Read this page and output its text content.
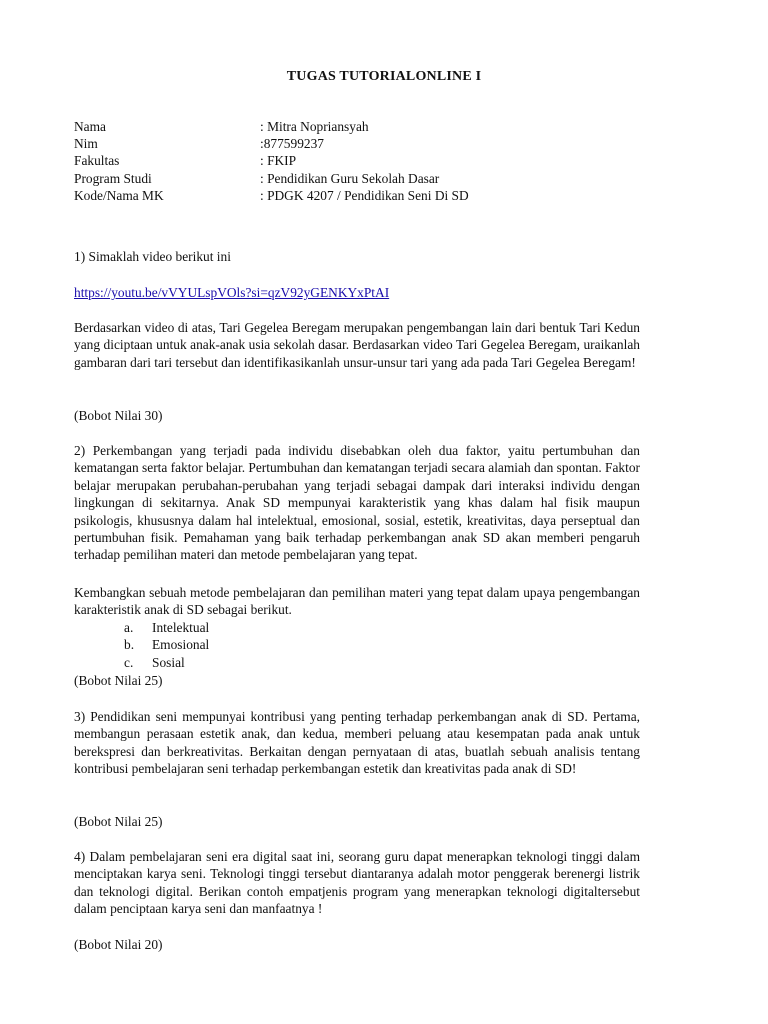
TUGAS TUTORIALONLINE I
Nama	: Mitra Nopriansyah
Nim	:877599237
Fakultas	: FKIP
Program Studi	: Pendidikan Guru Sekolah Dasar
Kode/Nama MK	: PDGK 4207 / Pendidikan Seni Di SD
1) Simaklah video berikut ini
https://youtu.be/vVYULspVOls?si=qzV92yGENKYxPtAI
Berdasarkan video di atas, Tari Gegelea Beregam merupakan pengembangan lain dari bentuk Tari Kedun yang diciptaan untuk anak-anak usia sekolah dasar. Berdasarkan video Tari Gegelea Beregam, uraikanlah gambaran dari tari tersebut dan identifikasikanlah unsur-unsur tari yang ada pada Tari Gegelea Beregam!
(Bobot Nilai 30)
2) Perkembangan yang terjadi pada individu disebabkan oleh dua faktor, yaitu pertumbuhan dan kematangan serta faktor belajar. Pertumbuhan dan kematangan terjadi secara alamiah dan spontan. Faktor belajar merupakan perubahan-perubahan yang terjadi sebagai dampak dari interaksi individu dengan lingkungan di sekitarnya. Anak SD mempunyai karakteristik yang khas dalam hal fisik maupun psikologis, khususnya dalam hal intelektual, emosional, sosial, estetik, kreativitas, daya perseptual dan pertumbuhan fisik. Pemahaman yang baik terhadap perkembangan anak SD akan memberi pengaruh terhadap pemilihan materi dan metode pembelajaran yang tepat.
Kembangkan sebuah metode pembelajaran dan pemilihan materi yang tepat dalam upaya pengembangan karakteristik anak di SD sebagai berikut.
a.	Intelektual
b.	Emosional
c.	Sosial
(Bobot Nilai 25)
3) Pendidikan seni mempunyai kontribusi yang penting terhadap perkembangan anak di SD. Pertama, membangun perasaan estetik anak, dan kedua, memberi peluang atau kesempatan pada anak untuk berekspresi dan berkreativitas. Berkaitan dengan pernyataan di atas, buatlah sebuah analisis tentang kontribusi pembelajaran seni terhadap perkembangan estetik dan kreativitas pada anak di SD!
(Bobot Nilai 25)
4) Dalam pembelajaran seni era digital saat ini, seorang guru dapat menerapkan teknologi tinggi dalam menciptakan karya seni. Teknologi tinggi tersebut diantaranya adalah motor penggerak berenergi listrik dan teknologi digital. Berikan contoh empatjenis program yang menerapkan teknologi digitaltersebut dalam penciptaan karya seni dan manfaatnya !
(Bobot Nilai 20)
